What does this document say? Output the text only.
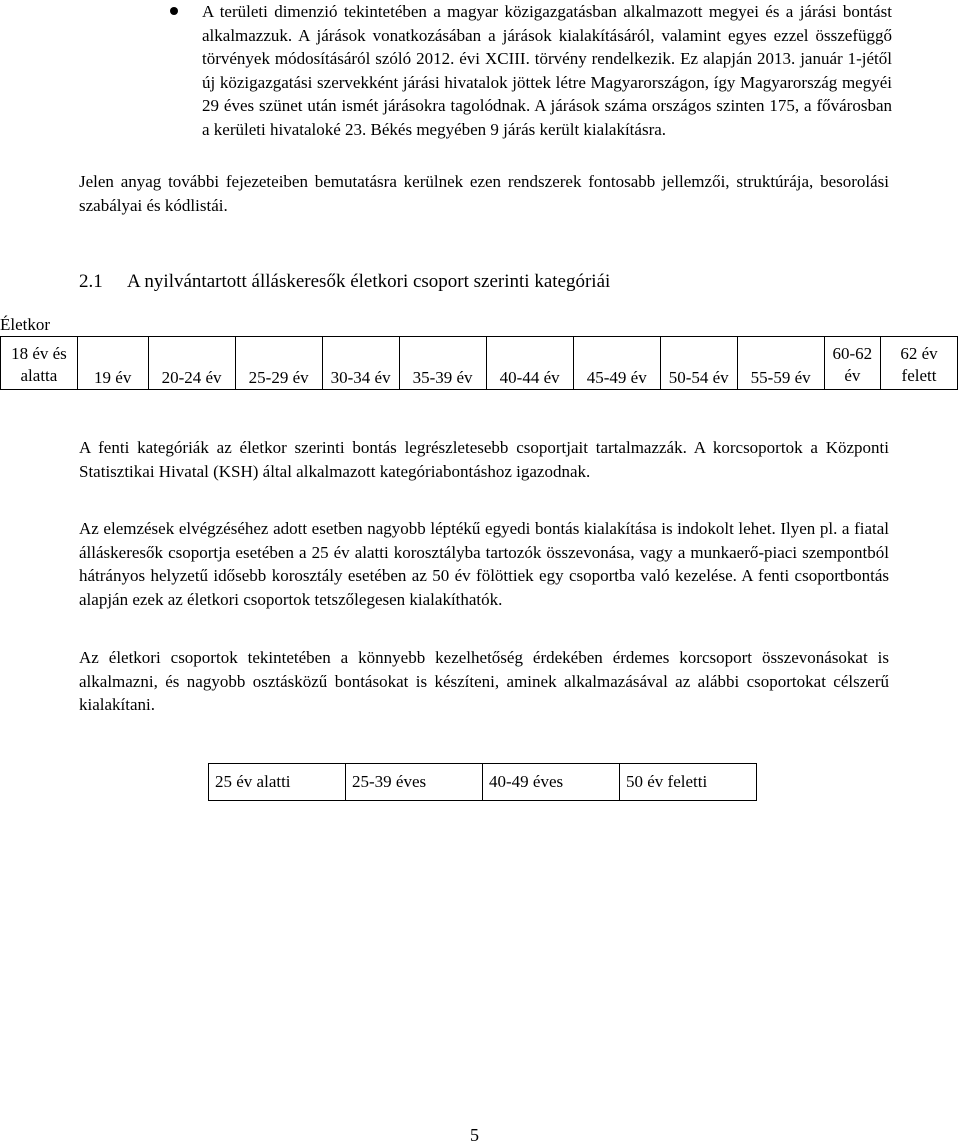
A területi dimenzió tekintetében a magyar közigazgatásban alkalmazott megyei és a járási bontást alkalmazzuk. A járások vonatkozásában a járások kialakításáról, valamint egyes ezzel összefüggő törvények módosításáról szóló 2012. évi XCIII. törvény rendelkezik. Ez alapján 2013. január 1-jétől új közigazgatási szervekként járási hivatalok jöttek létre Magyarországon, így Magyarország megyéi 29 éves szünet után ismét járásokra tagolódnak. A járások száma országos szinten 175, a fővárosban a kerületi hivataloké 23. Békés megyében 9 járás került kialakításra.

Jelen anyag további fejezeteiben bemutatásra kerülnek ezen rendszerek fontosabb jellemzői, struktúrája, besorolási szabályai és kódlistái.

2.1 A nyilvántartott álláskeresők életkori csoport szerinti kategóriái
Életkor
18 év és alatta	19 év	20-24 év	25-29 év	30-34 év	35-39 év	40-44 év	45-49 év	50-54 év	55-59 év	60-62 év	62 év felett

A fenti kategóriák az életkor szerinti bontás legrészletesebb csoportjait tartalmazzák. A korcsoportok a Központi Statisztikai Hivatal (KSH) által alkalmazott kategóriabontáshoz igazodnak.

Az elemzések elvégzéséhez adott esetben nagyobb léptékű egyedi bontás kialakítása is indokolt lehet. Ilyen pl. a fiatal álláskeresők csoportja esetében a 25 év alatti korosztályba tartozók összevonása, vagy a munkaerő-piaci szempontból hátrányos helyzetű idősebb korosztály esetében az 50 év fölöttiek egy csoportba való kezelése. A fenti csoportbontás alapján ezek az életkori csoportok tetszőlegesen kialakíthatók.

Az életkori csoportok tekintetében a könnyebb kezelhetőség érdekében érdemes korcsoport összevonásokat is alkalmazni, és nagyobb osztásközű bontásokat is készíteni, aminek alkalmazásával az alábbi csoportokat célszerű kialakítani.

25 év alatti	25-39 éves	40-49 éves	50 év feletti
5
